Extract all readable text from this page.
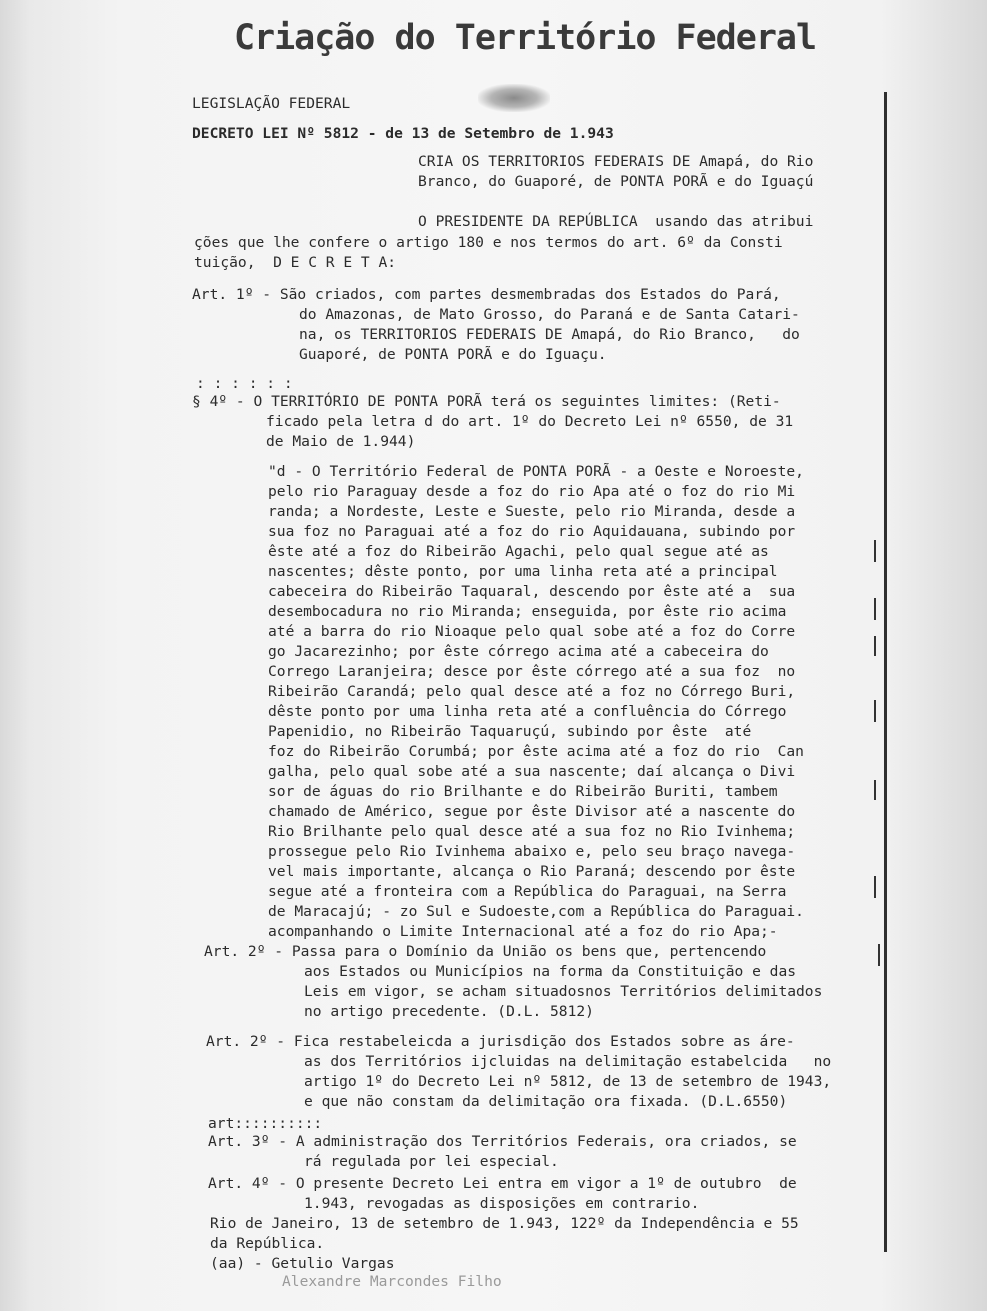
Criação do Território Federal
LEGISLAÇÃO FEDERAL
DECRETO LEI Nº 5812 - de 13 de Setembro de 1.943
CRIA OS TERRITORIOS FEDERAIS DE Amapá, do Rio
Branco, do Guaporé, de PONTA PORÃ e do Iguaçú
O PRESIDENTE DA REPÚBLICA  usando das atribui
ções que lhe confere o artigo 180 e nos termos do art. 6º da Consti
tuição,  D E C R E T A:
Art. 1º - São criados, com partes desmembradas dos Estados do Pará,
do Amazonas, de Mato Grosso, do Paraná e de Santa Catari-
na, os TERRITORIOS FEDERAIS DE Amapá, do Rio Branco,   do
Guaporé, de PONTA PORÃ e do Iguaçu.
: : : : : :
§ 4º - O TERRITÓRIO DE PONTA PORÃ terá os seguintes limites: (Reti-
ficado pela letra d do art. 1º do Decreto Lei nº 6550, de 31
de Maio de 1.944)
"d - O Território Federal de PONTA PORÃ - a Oeste e Noroeste,
pelo rio Paraguay desde a foz do rio Apa até o foz do rio Mi
randa; a Nordeste, Leste e Sueste, pelo rio Miranda, desde a
sua foz no Paraguai até a foz do rio Aquidauana, subindo por
êste até a foz do Ribeirão Agachi, pelo qual segue até as
nascentes; dêste ponto, por uma linha reta até a principal
cabeceira do Ribeirão Taquaral, descendo por êste até a  sua
desembocadura no rio Miranda; enseguida, por êste rio acima
até a barra do rio Nioaque pelo qual sobe até a foz do Corre
go Jacarezinho; por êste córrego acima até a cabeceira do
Corrego Laranjeira; desce por êste córrego até a sua foz  no
Ribeirão Carandá; pelo qual desce até a foz no Córrego Buri,
dêste ponto por uma linha reta até a confluência do Córrego
Papenidio, no Ribeirão Taquaruçú, subindo por êste  até
foz do Ribeirão Corumbá; por êste acima até a foz do rio  Can
galha, pelo qual sobe até a sua nascente; daí alcança o Divi
sor de águas do rio Brilhante e do Ribeirão Buriti, tambem
chamado de Américo, segue por êste Divisor até a nascente do
Rio Brilhante pelo qual desce até a sua foz no Rio Ivinhema;
prossegue pelo Rio Ivinhema abaixo e, pelo seu braço navega-
vel mais importante, alcança o Rio Paraná; descendo por êste
segue até a fronteira com a República do Paraguai, na Serra
de Maracajú; - zo Sul e Sudoeste,com a República do Paraguai.
acompanhando o Limite Internacional até a foz do rio Apa;-
Art. 2º - Passa para o Domínio da União os bens que, pertencendo
aos Estados ou Municípios na forma da Constituição e das
Leis em vigor, se acham situadosnos Territórios delimitados
no artigo precedente. (D.L. 5812)
Art. 2º - Fica restabeleicda a jurisdição dos Estados sobre as áre-
as dos Territórios ijcluidas na delimitação estabelcida   no
artigo 1º do Decreto Lei nº 5812, de 13 de setembro de 1943,
e que não constam da delimitação ora fixada. (D.L.6550)
art::::::::::
Art. 3º - A administração dos Territórios Federais, ora criados, se
rá regulada por lei especial.
Art. 4º - O presente Decreto Lei entra em vigor a 1º de outubro  de
1.943, revogadas as disposições em contrario.
Rio de Janeiro, 13 de setembro de 1.943, 122º da Independência e 55
da República.
(aa) - Getulio Vargas
Alexandre Marcondes Filho
